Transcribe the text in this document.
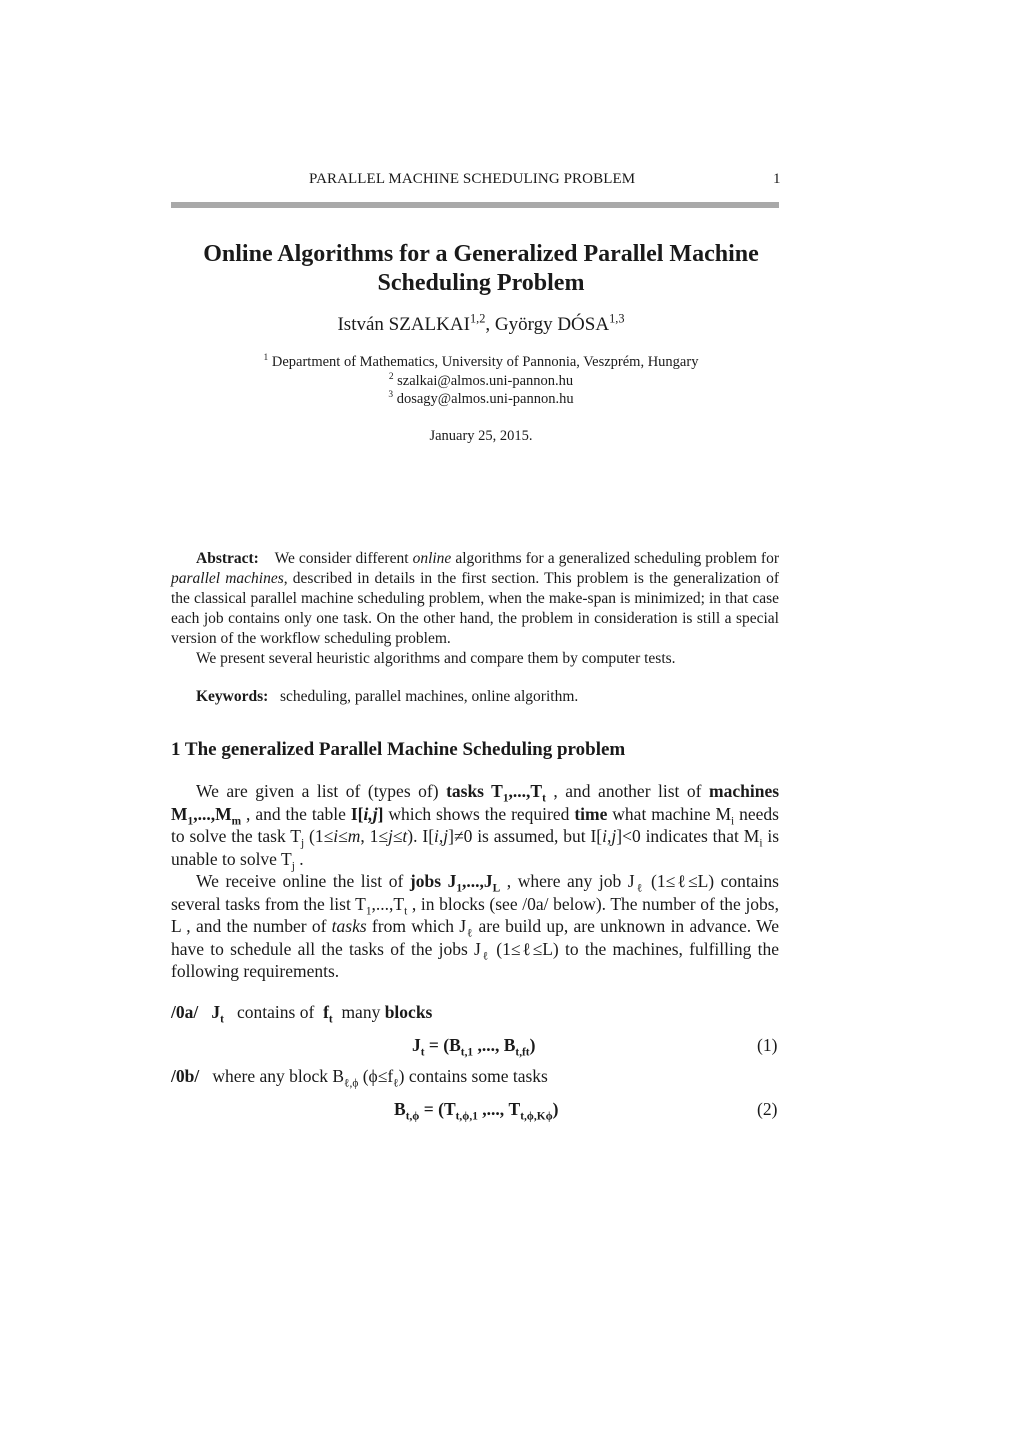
PARALLEL MACHINE SCHEDULING PROBLEM	1
Online Algorithms for a Generalized Parallel Machine
Scheduling Problem
István SZALKAI$^{1,2}$, György DÓSA$^{1,3}$
$^1$ Department of Mathematics, University of Pannonia, Veszprém, Hungary
$^2$ szalkai@almos.uni-pannon.hu
$^3$ dosagy@almos.uni-pannon.hu
January 25, 2015.

Abstract: We consider different online algorithms for a generalized scheduling problem for parallel machines, described in details in the first section. This problem is the generalization of the classical parallel machine scheduling problem, when the make-span is minimized; in that case each job contains only one task. On the other hand, the problem in consideration is still a special version of the workflow scheduling problem.

We present several heuristic algorithms and compare them by computer tests.

Keywords: scheduling, parallel machines, online algorithm.

1 The generalized Parallel Machine Scheduling problem

We are given a list of (types of) tasks $T_1,...,T_t$ , and another list of machines $M_1,...,M_m$ , and the table I[i,j] which shows the required time what machine $M_i$ needs to solve the task $T_j$ (1≤i≤m, 1≤j≤t). I[i,j]≠0 is assumed, but I[i,j]<0 indicates that $M_i$ is unable to solve $T_j$ .

We receive online the list of jobs $J_1,...,J_L$ , where any job $J_\ell$ (1≤ℓ≤L) contains several tasks from the list $T_1,...,T_t$ , in blocks (see /0a/ below). The number of the jobs, L , and the number of tasks from which $J_\ell$ are build up, are unknown in advance. We have to schedule all the tasks of the jobs $J_\ell$ (1≤ℓ≤L) to the machines, fulfilling the following requirements.

/0a/ $J_t$ contains of $f_t$ many blocks
$J_t = (B_{t,1}$ ,..., $B_{t,ft}$)	(1)
/0b/ where any block $B_{\ell,\phi}$ $(\phi\le f_\ell)$ contains some tasks
$B_{t,\phi} = (T_{t,\phi,1}$ ,..., $T_{t,\phi,K\phi}$)	(2)
